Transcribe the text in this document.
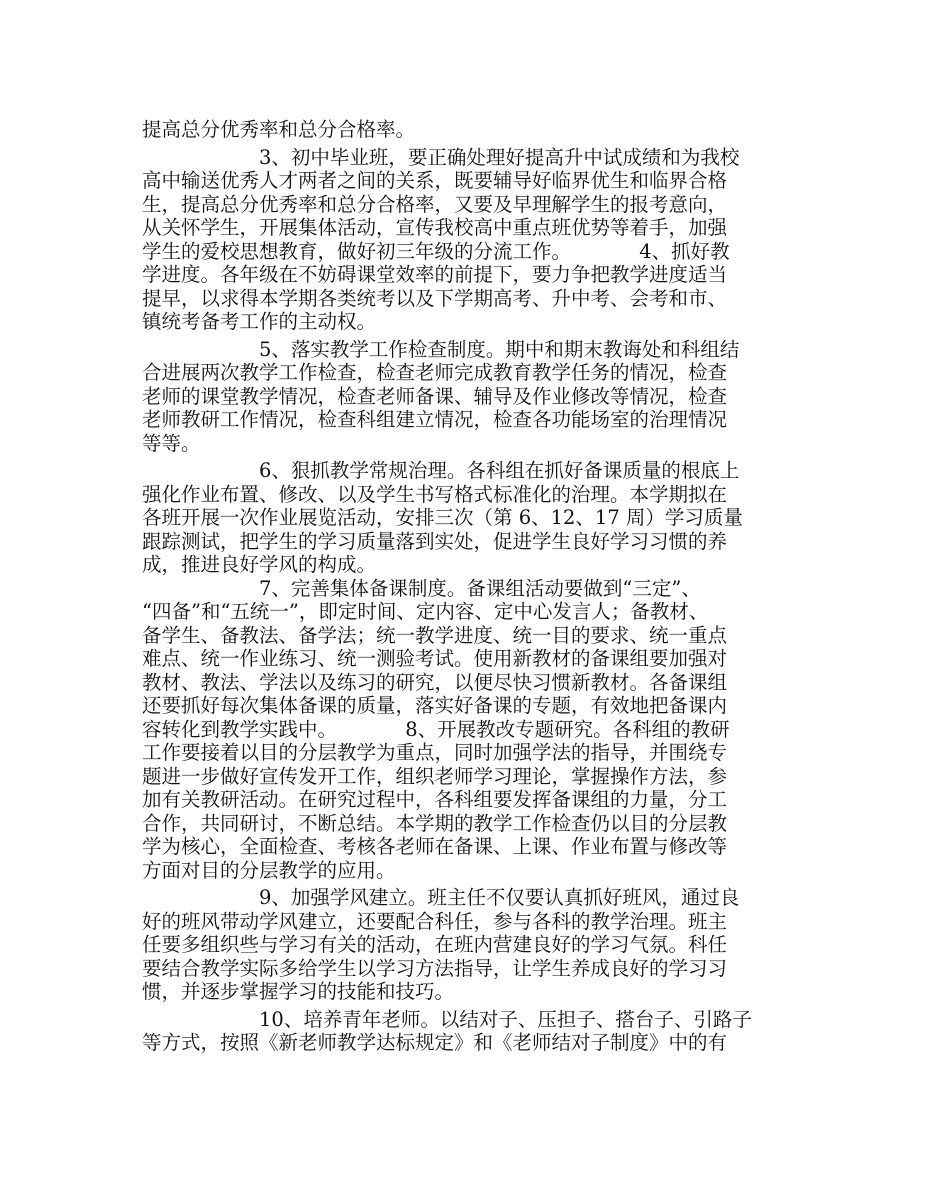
提高总分优秀率和总分合格率。
　　　　　　3、初中毕业班，要正确处理好提高升中试成绩和为我校
高中输送优秀人才两者之间的关系，既要辅导好临界优生和临界合格
生，提高总分优秀率和总分合格率，又要及早理解学生的报考意向，
从关怀学生，开展集体活动，宣传我校高中重点班优势等着手，加强
学生的爱校思想教育，做好初三年级的分流工作。　　　　4、抓好教
学进度。各年级在不妨碍课堂效率的前提下，要力争把教学进度适当
提早，以求得本学期各类统考以及下学期高考、升中考、会考和市、
镇统考备考工作的主动权。
　　　　　　5、落实教学工作检查制度。期中和期末教诲处和科组结
合进展两次教学工作检查，检查老师完成教育教学任务的情况，检查
老师的课堂教学情况，检查老师备课、辅导及作业修改等情况，检查
老师教研工作情况，检查科组建立情况，检查各功能场室的治理情况
等等。
　　　　　　6、狠抓教学常规治理。各科组在抓好备课质量的根底上
强化作业布置、修改、以及学生书写格式标准化的治理。本学期拟在
各班开展一次作业展览活动，安排三次（第 6、12、17 周）学习质量
跟踪测试，把学生的学习质量落到实处，促进学生良好学习习惯的养
成，推进良好学风的构成。
　　　　　　7、完善集体备课制度。备课组活动要做到“三定”、
“四备”和“五统一”，即定时间、定内容、定中心发言人；备教材、
备学生、备教法、备学法；统一教学进度、统一目的要求、统一重点
难点、统一作业练习、统一测验考试。使用新教材的备课组要加强对
教材、教法、学法以及练习的研究，以便尽快习惯新教材。各备课组
还要抓好每次集体备课的质量，落实好备课的专题，有效地把备课内
容转化到教学实践中。　　　　8、开展教改专题研究。各科组的教研
工作要接着以目的分层教学为重点，同时加强学法的指导，并围绕专
题进一步做好宣传发开工作，组织老师学习理论，掌握操作方法，参
加有关教研活动。在研究过程中，各科组要发挥备课组的力量，分工
合作，共同研讨，不断总结。本学期的教学工作检查仍以目的分层教
学为核心，全面检查、考核各老师在备课、上课、作业布置与修改等
方面对目的分层教学的应用。
　　　　　　9、加强学风建立。班主任不仅要认真抓好班风，通过良
好的班风带动学风建立，还要配合科任，参与各科的教学治理。班主
任要多组织些与学习有关的活动，在班内营建良好的学习气氛。科任
要结合教学实际多给学生以学习方法指导，让学生养成良好的学习习
惯，并逐步掌握学习的技能和技巧。
　　　　　　10、培养青年老师。以结对子、压担子、搭台子、引路子
等方式，按照《新老师教学达标规定》和《老师结对子制度》中的有
